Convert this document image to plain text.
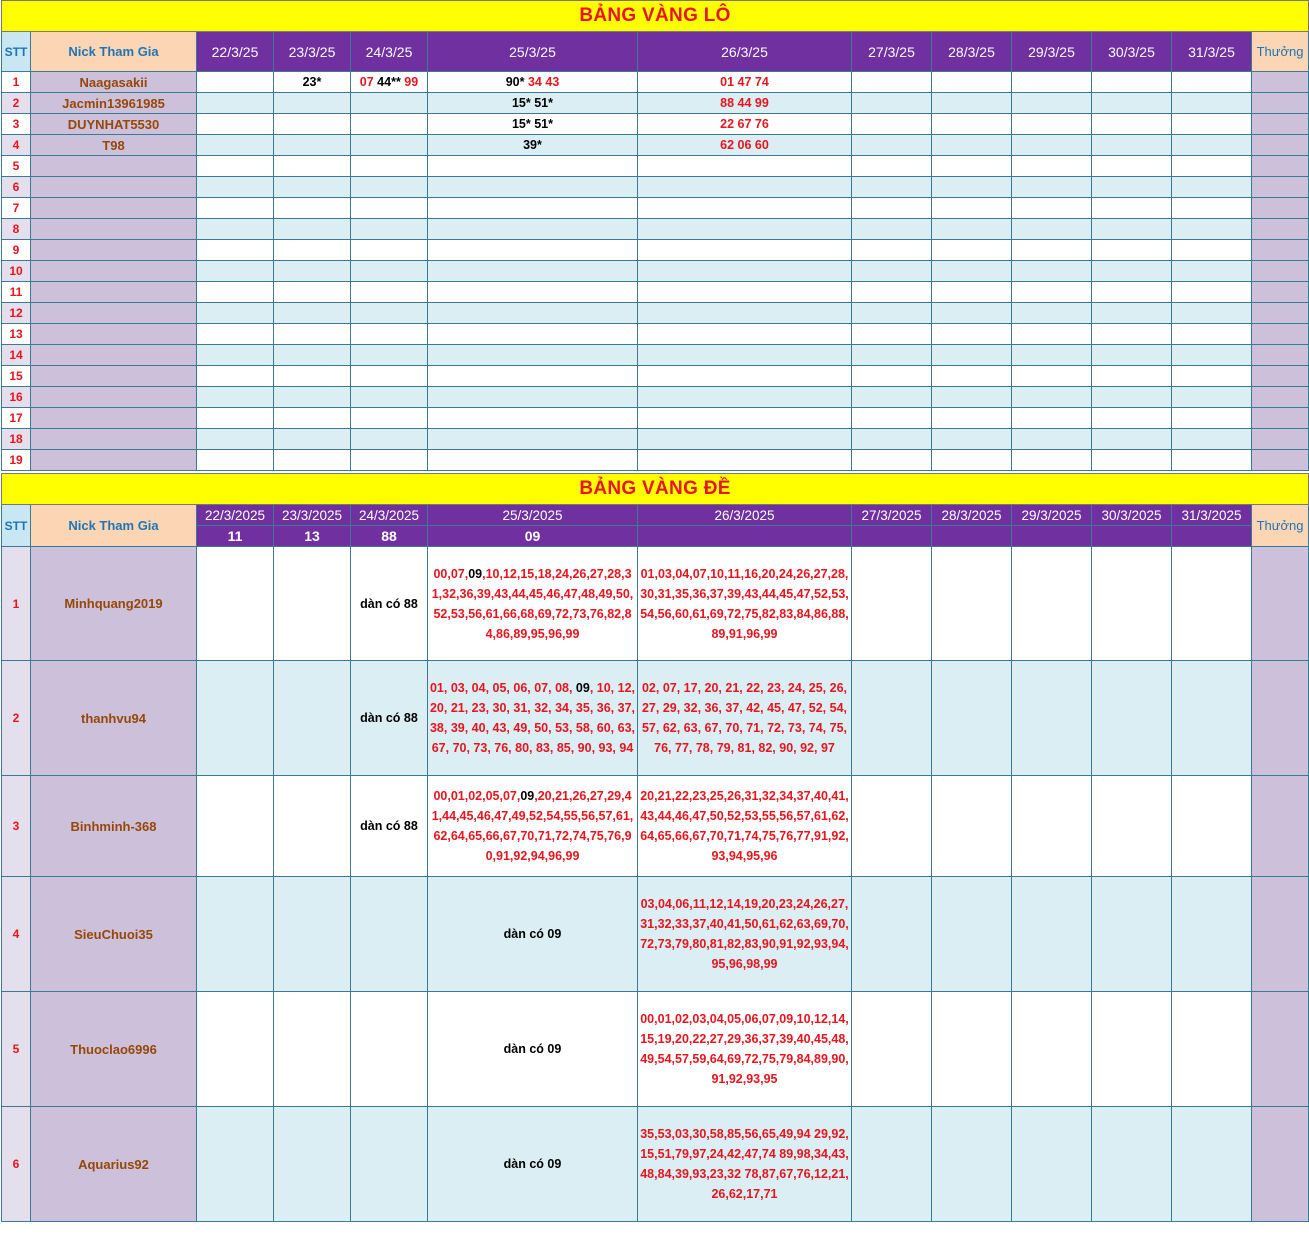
BẢNG VÀNG LÔ												
STT	Nick Tham Gia	22/3/25	23/3/25	24/3/25	25/3/25	26/3/25	27/3/25	28/3/25	29/3/25	30/3/25	31/3/25	Thưởng
1	Naagasakii		23*	07 44** 99	90* 34 43	01 47 74						
2	Jacmin13961985				15* 51*	88 44 99						
3	DUYNHAT5530				15* 51*	22 67 76						
4	T98				39*	62 06 60						
5												
6												
7												
8												
9												
10												
11												
12												
13												
14												
15												
16												
17												
18												
19												
BẢNG VÀNG ĐỀ												
STT	Nick Tham Gia	22/3/2025	23/3/2025	24/3/2025	25/3/2025	26/3/2025	27/3/2025	28/3/2025	29/3/2025	30/3/2025	31/3/2025	Thưởng
		11	13	88	09							
1	Minhquang2019			dàn có 88	00,07,09,10,12,15,18,24,26,27,28,31,32,36,39,43,44,45,46,47,48,49,50,52,53,56,61,66,68,69,72,73,76,82,84,86,89,95,96,99	01,03,04,07,10,11,16,20,24,26,27,28,30,31,35,36,37,39,43,44,45,47,52,53,54,56,60,61,69,72,75,82,83,84,86,88,89,91,96,99						
2	thanhvu94			dàn có 88	01, 03, 04, 05, 06, 07, 08, 09, 10, 12, 20, 21, 23, 30, 31, 32, 34, 35, 36, 37, 38, 39, 40, 43, 49, 50, 53, 58, 60, 63, 67, 70, 73, 76, 80, 83, 85, 90, 93, 94	02, 07, 17, 20, 21, 22, 23, 24, 25, 26, 27, 29, 32, 36, 37, 42, 45, 47, 52, 54, 57, 62, 63, 67, 70, 71, 72, 73, 74, 75, 76, 77, 78, 79, 81, 82, 90, 92, 97						
3	Binhminh-368			dàn có 88	00,01,02,05,07,09,20,21,26,27,29,41,44,45,46,47,49,52,54,55,56,57,61,62,64,65,66,67,70,71,72,74,75,76,90,91,92,94,96,99	20,21,22,23,25,26,31,32,34,37,40,41,43,44,46,47,50,52,53,55,56,57,61,62,64,65,66,67,70,71,74,75,76,77,91,92,93,94,95,96						
4	SieuChuoi35				dàn có 09	03,04,06,11,12,14,19,20,23,24,26,27,31,32,33,37,40,41,50,61,62,63,69,70,72,73,79,80,81,82,83,90,91,92,93,94,95,96,98,99						
5	Thuoclao6996				dàn có 09	00,01,02,03,04,05,06,07,09,10,12,14,15,19,20,22,27,29,36,37,39,40,45,48,49,54,57,59,64,69,72,75,79,84,89,90,91,92,93,95						
6	Aquarius92				dàn có 09	35,53,03,30,58,85,56,65,49,94 29,92,15,51,79,97,24,42,47,74 89,98,34,43,48,84,39,93,23,32 78,87,67,76,12,21,26,62,17,71						
